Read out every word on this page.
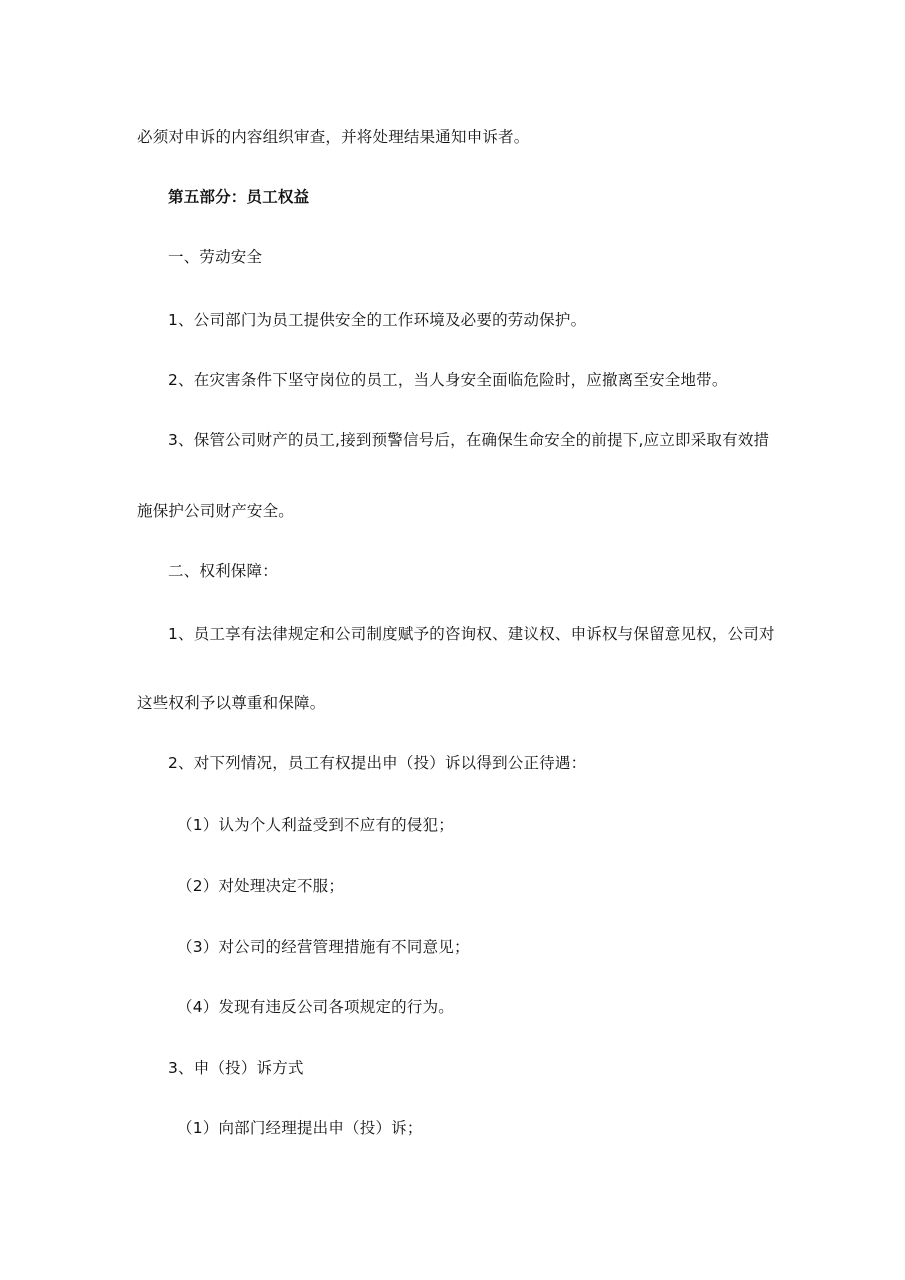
必须对申诉的内容组织审查，并将处理结果通知申诉者。
第五部分：员工权益
一、劳动安全
1、公司部门为员工提供安全的工作环境及必要的劳动保护。
2、在灾害条件下坚守岗位的员工，当人身安全面临危险时，应撤离至安全地带。
3、保管公司财产的员工,接到预警信号后，在确保生命安全的前提下,应立即采取有效措
施保护公司财产安全。
二、权利保障：
1、员工享有法律规定和公司制度赋予的咨询权、建议权、申诉权与保留意见权，公司对
这些权利予以尊重和保障。
2、对下列情况，员工有权提出申（投）诉以得到公正待遇：
（1）认为个人利益受到不应有的侵犯；
（2）对处理决定不服；
（3）对公司的经营管理措施有不同意见；
（4）发现有违反公司各项规定的行为。
3、申（投）诉方式
（1）向部门经理提出申（投）诉；
